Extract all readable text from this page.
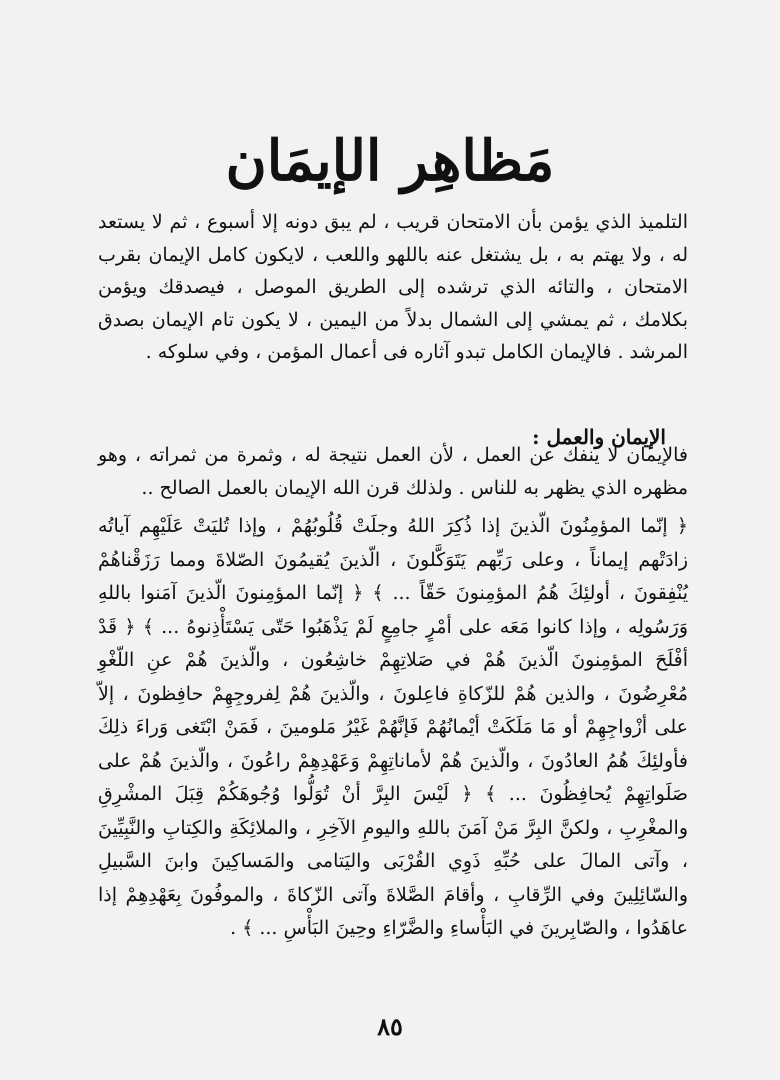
مَظاهِر الإيمَان
التلميذ الذي يؤمن بأن الامتحان قريب ، لم يبق دونه إلا أسبوع ، ثم لا يستعد له ، ولا يهتم به ، بل يشتغل عنه باللهو واللعب ، لايكون كامل الإيمان بقرب الامتحان ، والتائه الذي ترشده إلى الطريق الموصل ، فيصدقك ويؤمن بكلامك ، ثم يمشي إلى الشمال بدلاً من اليمين ، لا يكون تام الإيمان بصدق المرشد . فالإيمان الكامل تبدو آثاره فى أعمال المؤمن ، وفي سلوكه .
الإيمان والعمل :
فالإيمان لا ينفك عن العمل ، لأن العمل نتيجة له ، وثمرة من ثمراته ، وهو مظهره الذي يظهر به للناس . ولذلك قرن الله الإيمان بالعمل الصالح ..
﴿ إنّما المؤمِنُونَ الّذينَ إذا ذُكِرَ اللهُ وجلَتْ قُلُوبُهُمْ ، وإذا تُليَتْ عَلَيْهِم آياتُه زادَتْهم إيماناً ، وعلى رَبِّهم يَتَوَكَّلونَ ، الّذينَ يُقيمُونَ الصّلاةَ ومما رَزَقْناهُمْ يُنْفِقونَ ، أولئِكَ هُمُ المؤمِنونَ حَقّاً ... ﴾ ﴿ إنّما المؤمِنونَ الّذينَ آمَنوا باللهِ وَرَسُولِه ، وإذا كانوا مَعَه على أمْرٍ جامِعٍ لَمْ يَذْهَبُوا حَتّى يَسْتَأْذِنوهُ ... ﴾ ﴿ قَدْ أفْلَحَ المؤمِنونَ الّذينَ هُمْ في صَلاتِهِمْ خاشِعُون ، والّذينَ هُمْ عنِ اللّغْوِ مُعْرِضُونَ ، والذين هُمْ للزّكاةِ فاعِلونَ ، والّذينَ هُمْ لِفروجِهِمْ حافِظونَ ، إلاّ على أزْواجِهِمْ أو مَا مَلَكَتْ أيْمانُهُمْ فَإنَّهُمْ غَيْرُ مَلومينَ ، فَمَنْ ابْتَغى وَراءَ ذلِكَ فأولئِكَ هُمُ العادُونَ ، والّذينَ هُمْ لأماناتِهِمْ وَعَهْدِهِمْ راعُونَ ، والّذينَ هُمْ على صَلَواتِهِمْ يُحافِظُونَ ... ﴾ ﴿ لَيْسَ البِرَّ أنْ تُوَلُّوا وُجُوهَكُمْ قِبَلَ المشْرِقِ والمغْرِبِ ، ولكنَّ البِرَّ مَنْ آمَنَ باللهِ واليومِ الآخِرِ ، والملائِكَةِ والكِتابِ والنَّبِيِّينَ ، وآتى المالَ على حُبِّهِ ذَوِي القُرْبَى واليَتامى والمَساكِينَ وابنَ السَّبيلِ والسّائِلِينَ وفي الرِّقابِ ، وأقامَ الصَّلاةَ وآتى الزّكاةَ ، والموفُونَ بِعَهْدِهِمْ إذا عاهَدُوا ، والصّابِرينَ في البَأْساءِ والضَّرّاءِ وحِينَ البَأْسِ ... ﴾ .
٨٥
